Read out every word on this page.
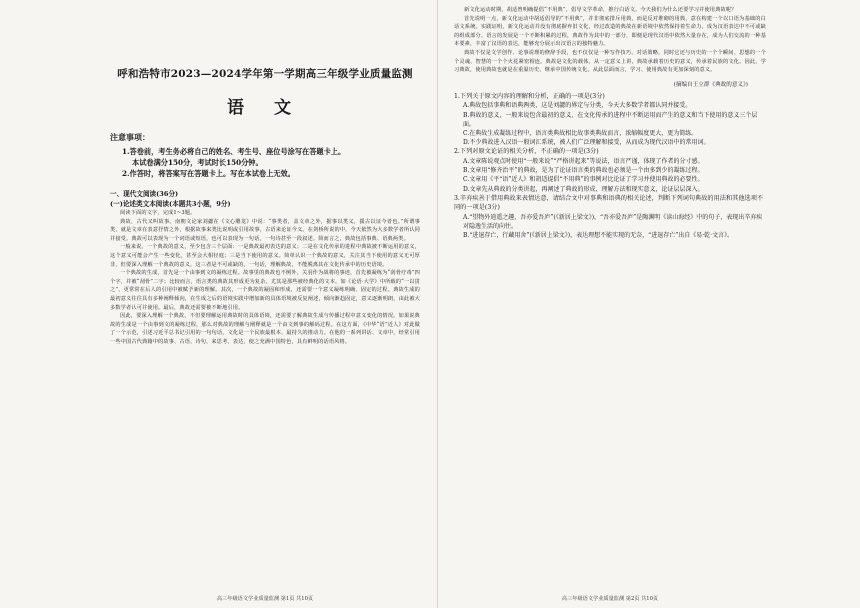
呼和浩特市2023—2024学年第一学期高三年级学业质量监测
语 文
注意事项：
1.答卷前，考生务必将自己的姓名、考生号、座位号涂写在答题卡上。
本试卷满分150分，考试时长150分钟。
2.作答时，将答案写在答题卡上。写在本试卷上无效。
一、现代文阅读(36分)
(一)论述类文本阅读(本题共3小题，9分)

阅读下面的文字，完成1~3题。

典故，古代又叫故事。南朝文论家刘勰在《文心雕龙》中说：“事类者，盖文章之外，据事以类义，援古以证今者也。”所谓事类，就是文章在表意抒情之外，根据故事来类比说明或引用故事，古语来论证今义。在剑桥所说的中，今天依然为大多数学者所认同并接受。典故可以表现为一个词语或短语，也可以表现为一句话，一句诗甚至一段叙述。简而言之，典故包括事典、语典两类。

一般来说，一个典故的意义，至少包含三个层面：一是典故最初表达的意义；二是在文化传承的进程中典故被不断运用的意义，这个意义可能会产生一些变化，甚至会大相径庭；三是当下使用的意义。简单认识一个典故的意义，关注其当下使用的意义无可厚非，但要深入理解一个典故的意义，这三者是不可或缺的。一句话，理解典故，不能脱离其在文化传承中的历史语境。

一个典故的生成，首先是一个由事到文的凝练过程。故事里的典故也不例外，关羽作为战将的事迹，首先被凝练为“刮骨疗毒”四个字，并被“刮骨”二字；比较而言，语言类的典故其形成更为复杂，尤其是那些被经典化的文本，如《论语·大学》中所载的“一以贯之”，更常常在后人的引用中被赋予新的理解。其次，一个典故的凝固和形成，还需要一个意义凝练明确、固定的过程。典故生成的最初意义往往具有多种阐释倾向，在生成之后的语境实践中增加新的具体语境被反复阐述，倾向渐趋固定，意义逐渐明朗，由此被大多数学者认可并使用。最后，典故还需要被不断地引用。

因此，要深入理解一个典故，不但要理解运用典故时的具体语境，还需要了解典故生成与传播过程中意义变化的情况。如果说典故的生成是一个由事到文的凝练过程，那么对典故的理解与阐释就是一个由文到事的解码过程。在这方面，《中华“语”近人》对此做了一个示范，引述习近平总书记引用的一句句话，文化是一个民族最根本、最持久的推动力。在他的一系列讲话、文章中，经常引用一些中国古代典籍中的故事、古语、诗句，来思考、表达，使之充满中国特色，具有鲜明的话语风格。

高三年级语文学业质量监测 第1页 共10页

新文化运动时期，胡适曾明确提倡“不用典”，倡导文学革命，推行白话文。今天我们为什么还要学习并使用典故呢？

首先说明一点，新文化运动中胡适倡导的“不用典”，并非彻底排斥用典，而是反对堆砌的用典，意在构建一个以口语为基础的白话文系统。实践证明，新文化运动并没有彻底摒弃旧文化，经过改造的典故在新语境中依然保持着生命力，成为汉语表达中不可或缺的组成部分。语言的发展是一个不断积累的过程，典故作为其中的一部分，即便是现代汉语中依然大量存在，成为人们交流的一种基本要素，丰富了汉语的表达，能够充分展示出汉语言的独特魅力。

典故不仅是文学创作、论事说理的修辞手段，也不仅仅是一种写作技巧、对话策略，同时它还与历史的一个个瞬间、思想的一个个灵魂、智慧的一个个火花紧密相连。典故是文化的载体，从一定意义上讲，典故承载着历史的意义，传承着民族的文化。因此，学习典故，使用典故也就是在重温历史、继承中国传统文化。从此层面而言，学习、使用典故有更加深刻的意义。

(摘编自王立群《典故的意义》)

1.下列关于原文内容的理解和分析，正确的一项是(3分)

A.典故包括事典和语典两类，这是刘勰的界定与分类，今天大多数学者都认同并接受。

B.典故的意义，一般来说包含最初的意义、在文化传承的进程中不断运用而产生的意义和当下使用的意义三个层面。

C.在典故生成凝练过程中，语言类典故相比故事类典故而言，浓缩幅度更大，更为简练。

D.不少典故进入汉语一般词汇系统，被人们广泛理解和接受，从而成为现代汉语中的常用词。

2.下列对原文论证的相关分析，不正确的一项是(3分)

A.文章陈说观点时使用“一般来说”“严格讲起来”等说法，语言严谨，体现了作者的分寸感。

B.文章用“修齐治平”的典故，是为了论证语言类的典故也必须是一个由多到少的凝练过程。

C.文章用《平“语”近人》和胡适提倡“不用典”的事例对比论证了学习并使用典故的必要性。

D.文章先从典故的分类讲起，再阐述了典故的形成、理解方法和现实意义，论证层层深入。

3.辛弃疾善于借用典故来表情达意，请结合文中对事典和语典的相关论述，判断下列词句典故的用法和其他选项不同的一项是(3分)

A.“望物外逍遥之趣，吾亦爱吾庐”(《新居上梁文》)，“吾亦爱吾庐”是陶渊明《读山海经》中的句子，表现出辛弃疾对隐逸生活的向往。

B.“进退存亡，行藏用舍”(《新居上梁文》)，表达理想不能实现的无奈，“进退存亡”出自《易·乾·文言》。

高三年级语文学业质量监测 第2页 共10页
